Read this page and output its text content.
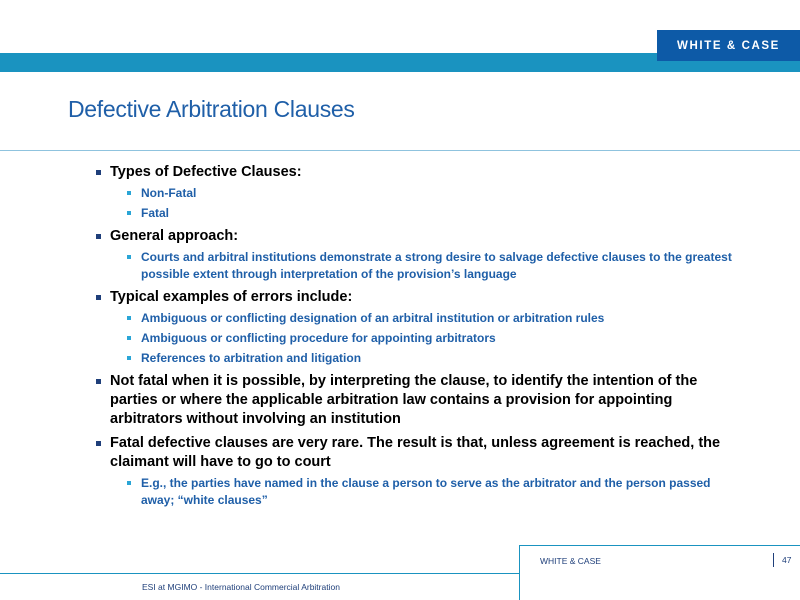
WHITE & CASE
Defective Arbitration Clauses
Types of Defective Clauses:
Non-Fatal
Fatal
General approach:
Courts and arbitral institutions demonstrate a strong desire to salvage defective clauses to the greatest possible extent through interpretation of the provision’s language
Typical examples of errors include:
Ambiguous or conflicting designation of an arbitral institution or arbitration rules
Ambiguous or conflicting procedure for appointing arbitrators
References to arbitration and litigation
Not fatal when it is possible, by interpreting the clause, to identify the intention of the parties or where the applicable arbitration law contains a provision for appointing arbitrators without involving an institution
Fatal defective clauses are very rare. The result is that, unless agreement is reached, the claimant will have to go to court
E.g., the parties have named in the clause a person to serve as the arbitrator and the person passed away; “white clauses”
WHITE & CASE	47
ESI at MGIMO - International Commercial Arbitration
